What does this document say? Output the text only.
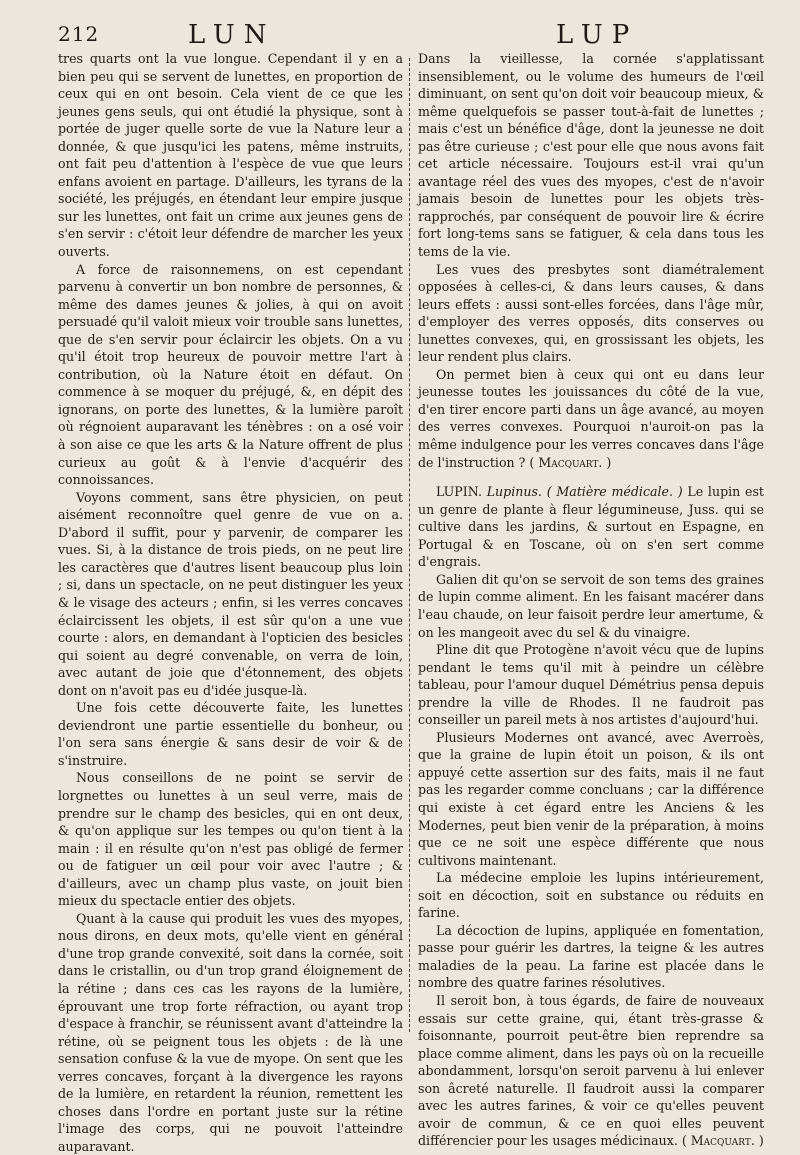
212	LUN	LUP

tres quarts ont la vue longue. Cependant il y en a bien peu qui se servent de lunettes, en proportion de ceux qui en ont besoin. Cela vient de ce que les jeunes gens seuls, qui ont étudié la physique, sont à portée de juger quelle sorte de vue la Nature leur a donnée, & que jusqu'ici les patens, même instruits, ont fait peu d'attention à l'espèce de vue que leurs enfans avoient en partage. D'ailleurs, les tyrans de la société, les préjugés, en étendant leur empire jusque sur les lunettes, ont fait un crime aux jeunes gens de s'en servir : c'étoit leur défendre de marcher les yeux ouverts.

A force de raisonnemens, on est cependant parvenu à convertir un bon nombre de personnes, & même des dames jeunes & jolies, à qui on avoit persuadé qu'il valoit mieux voir trouble sans lunettes, que de s'en servir pour éclaircir les objets. On a vu qu'il étoit trop heureux de pouvoir mettre l'art à contribution, où la Nature étoit en défaut. On commence à se moquer du préjugé, &, en dépit des ignorans, on porte des lunettes, & la lumière paroît où régnoient auparavant les ténèbres : on a osé voir à son aise ce que les arts & la Nature offrent de plus curieux au goût & à l'envie d'acquérir des connoissances.

Voyons comment, sans être physicien, on peut aisément reconnoître quel genre de vue on a. D'abord il suffit, pour y parvenir, de comparer les vues. Si, à la distance de trois pieds, on ne peut lire les caractères que d'autres lisent beaucoup plus loin ; si, dans un spectacle, on ne peut distinguer les yeux & le visage des acteurs ; enfin, si les verres concaves éclaircissent les objets, il est sûr qu'on a une vue courte : alors, en demandant à l'opticien des besicles qui soient au degré convenable, on verra de loin, avec autant de joie que d'étonnement, des objets dont on n'avoit pas eu d'idée jusque-là.

Une fois cette découverte faite, les lunettes deviendront une partie essentielle du bonheur, ou l'on sera sans énergie & sans desir de voir & de s'instruire.

Nous conseillons de ne point se servir de lorgnettes ou lunettes à un seul verre, mais de prendre sur le champ des besicles, qui en ont deux, & qu'on applique sur les tempes ou qu'on tient à la main : il en résulte qu'on n'est pas obligé de fermer ou de fatiguer un œil pour voir avec l'autre ; & d'ailleurs, avec un champ plus vaste, on jouit bien mieux du spectacle entier des objets.

Quant à la cause qui produit les vues des myopes, nous dirons, en deux mots, qu'elle vient en général d'une trop grande convexité, soit dans la cornée, soit dans le cristallin, ou d'un trop grand éloignement de la rétine ; dans ces cas les rayons de la lumière, éprouvant une trop forte réfraction, ou ayant trop d'espace à franchir, se réunissent avant d'atteindre la rétine, où se peignent tous les objets : de là une sensation confuse & la vue de myope. On sent que les verres concaves, forçant à la divergence les rayons de la lumière, en retardent la réunion, remettent les choses dans l'ordre en portant juste sur la rétine l'image des corps, qui ne pouvoit l'atteindre auparavant.

Dans la vieillesse, la cornée s'applatissant insensiblement, ou le volume des humeurs de l'œil diminuant, on sent qu'on doit voir beaucoup mieux, & même quelquefois se passer tout-à-fait de lunettes ; mais c'est un bénéfice d'âge, dont la jeunesse ne doit pas être curieuse ; c'est pour elle que nous avons fait cet article nécessaire. Toujours est-il vrai qu'un avantage réel des vues des myopes, c'est de n'avoir jamais besoin de lunettes pour les objets très-rapprochés, par conséquent de pouvoir lire & écrire fort long-tems sans se fatiguer, & cela dans tous les tems de la vie.

Les vues des presbytes sont diamétralement opposées à celles-ci, & dans leurs causes, & dans leurs effets : aussi sont-elles forcées, dans l'âge mûr, d'employer des verres opposés, dits conserves ou lunettes convexes, qui, en grossissant les objets, les leur rendent plus clairs.

On permet bien à ceux qui ont eu dans leur jeunesse toutes les jouissances du côté de la vue, d'en tirer encore parti dans un âge avancé, au moyen des verres convexes. Pourquoi n'auroit-on pas la même indulgence pour les verres concaves dans l'âge de l'instruction ? ( Macquart. )

LUPIN. Lupinus. ( Matière médicale. ) Le lupin est un genre de plante à fleur légumineuse, Juss. qui se cultive dans les jardins, & surtout en Espagne, en Portugal & en Toscane, où on s'en sert comme d'engrais.

Galien dit qu'on se servoit de son tems des graines de lupin comme aliment. En les faisant macérer dans l'eau chaude, on leur faisoit perdre leur amertume, & on les mangeoit avec du sel & du vinaigre.

Pline dit que Protogène n'avoit vécu que de lupins pendant le tems qu'il mit à peindre un célèbre tableau, pour l'amour duquel Démétrius pensa depuis prendre la ville de Rhodes. Il ne faudroit pas conseiller un pareil mets à nos artistes d'aujourd'hui.

Plusieurs Modernes ont avancé, avec Averroès, que la graine de lupin étoit un poison, & ils ont appuyé cette assertion sur des faits, mais il ne faut pas les regarder comme concluans ; car la différence qui existe à cet égard entre les Anciens & les Modernes, peut bien venir de la préparation, à moins que ce ne soit une espèce différente que nous cultivons maintenant.

La médecine emploie les lupins intérieurement, soit en décoction, soit en substance ou réduits en farine.

La décoction de lupins, appliquée en fomentation, passe pour guérir les dartres, la teigne & les autres maladies de la peau. La farine est placée dans le nombre des quatre farines résolutives.

Il seroit bon, à tous égards, de faire de nouveaux essais sur cette graine, qui, étant très-grasse & foisonnante, pourroit peut-être bien reprendre sa place comme aliment, dans les pays où on la recueille abondamment, lorsqu'on seroit parvenu à lui enlever son âcreté naturelle. Il faudroit aussi la comparer avec les autres farines, & voir ce qu'elles peuvent avoir de commun, & ce en quoi elles peuvent différencier pour les usages médicinaux. ( Macquart. )
